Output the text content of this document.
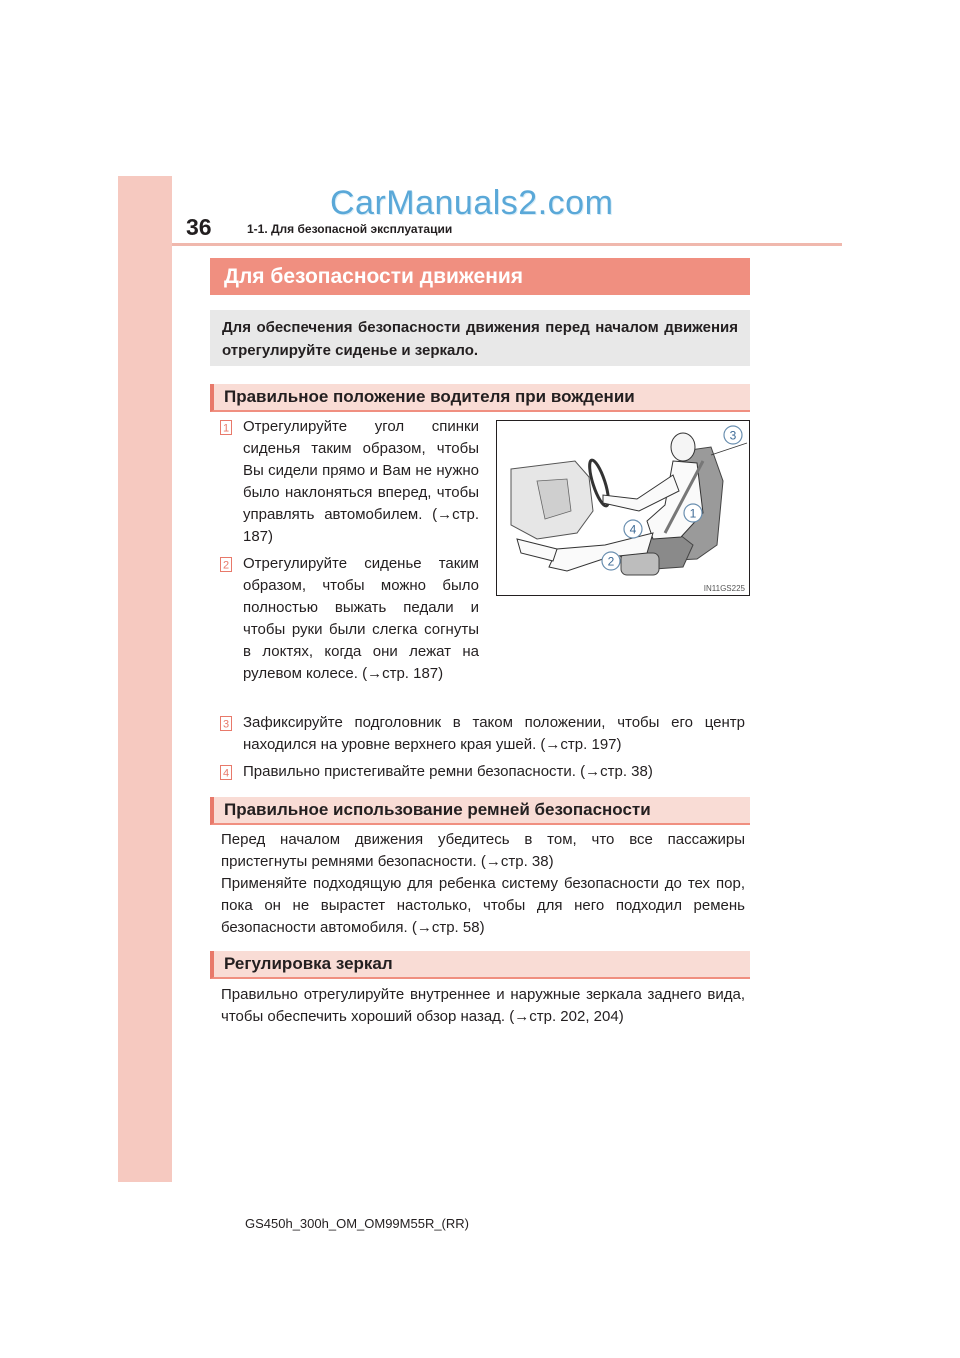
CarManuals2.com
36	1-1. Для безопасной эксплуатации
Для безопасности движения
Для обеспечения безопасности движения перед началом движения отрегулируйте сиденье и зеркало.
Правильное положение водителя при вождении
1 Отрегулируйте угол спинки сиденья таким образом, чтобы Вы сидели прямо и Вам не нужно было наклоняться вперед, чтобы управлять автомобилем. (→стр. 187)
2 Отрегулируйте сиденье таким образом, чтобы можно было полностью выжать педали и чтобы руки были слегка согнуты в локтях, когда они лежат на рулевом колесе. (→стр. 187)
3
1
4
2
IN11GS225
3 Зафиксируйте подголовник в таком положении, чтобы его центр находился на уровне верхнего края ушей. (→стр. 197)
4 Правильно пристегивайте ремни безопасности. (→стр. 38)
Правильное использование ремней безопасности
Перед началом движения убедитесь в том, что все пассажиры пристегнуты ремнями безопасности. (→стр. 38)
Применяйте подходящую для ребенка систему безопасности до тех пор, пока он не вырастет настолько, чтобы для него подходил ремень безопасности автомобиля. (→стр. 58)
Регулировка зеркал
Правильно отрегулируйте внутреннее и наружные зеркала заднего вида, чтобы обеспечить хороший обзор назад. (→стр. 202, 204)
GS450h_300h_OM_OM99M55R_(RR)
